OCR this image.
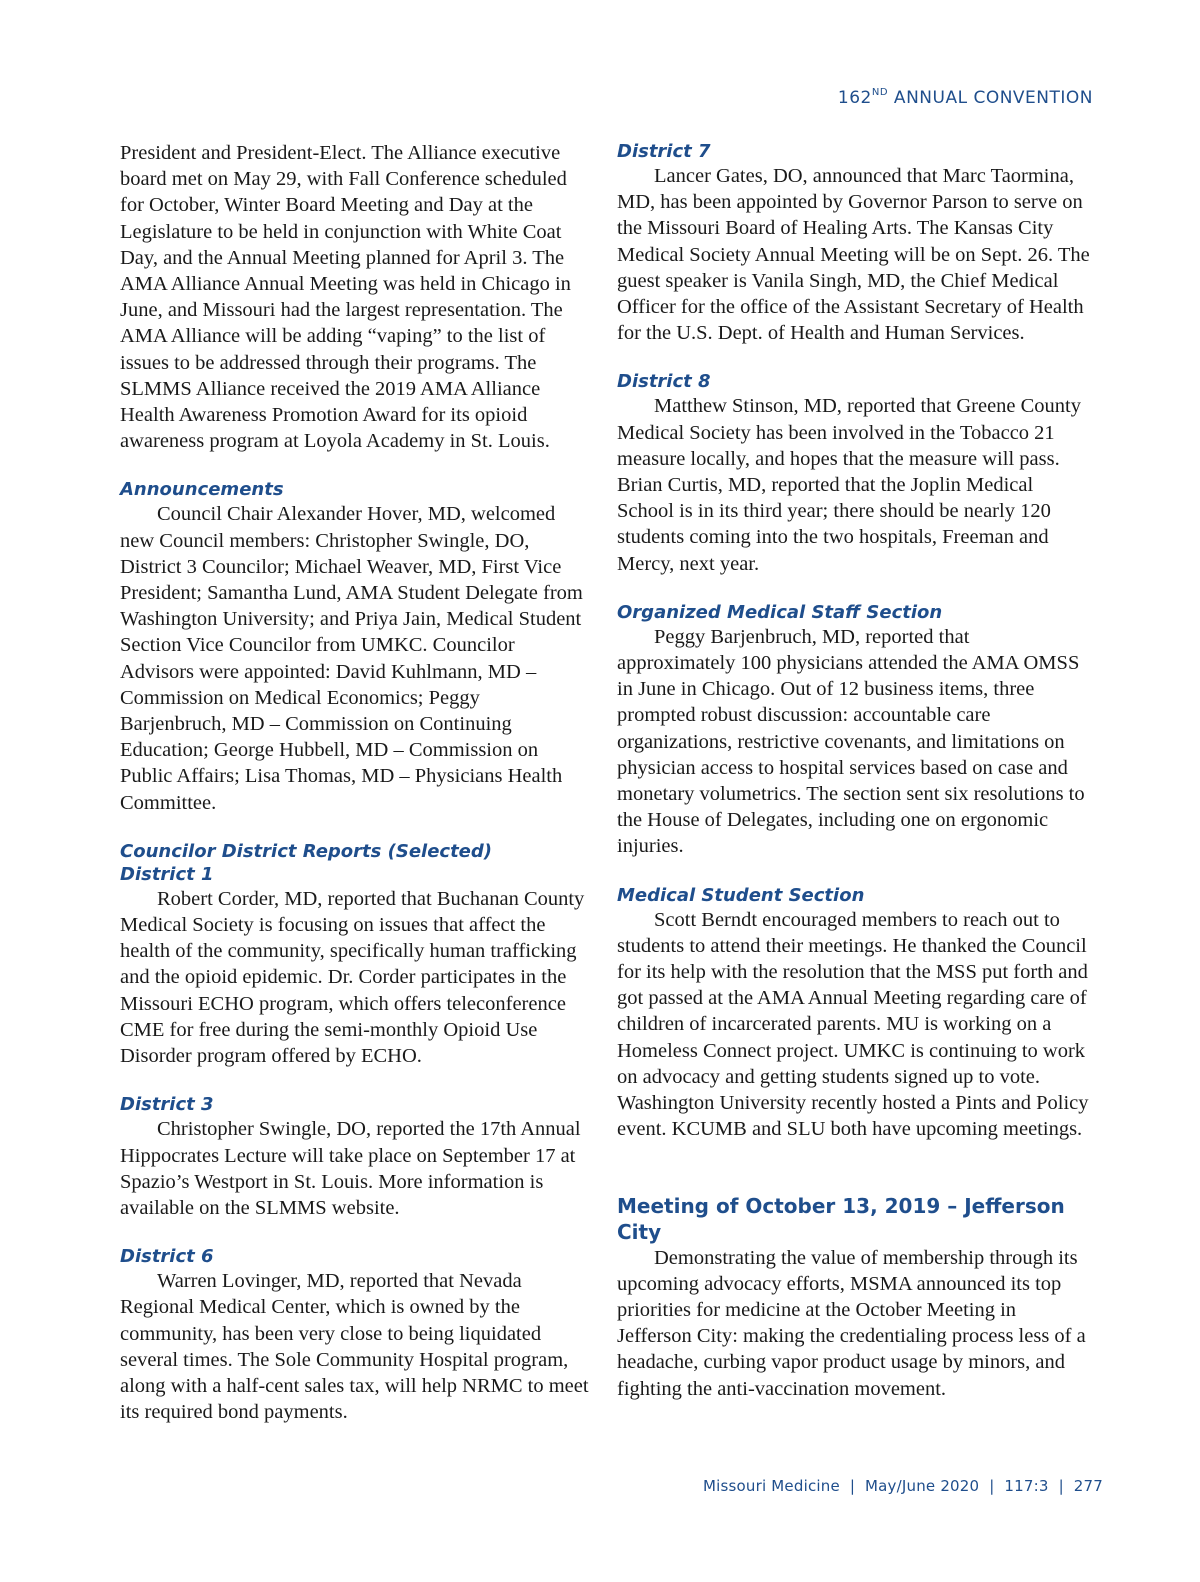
162ND ANNUAL CONVENTION

President and President-Elect. The Alliance executive board met on May 29, with Fall Conference scheduled for October, Winter Board Meeting and Day at the Legislature to be held in conjunction with White Coat Day, and the Annual Meeting planned for April 3. The AMA Alliance Annual Meeting was held in Chicago in June, and Missouri had the largest representation. The AMA Alliance will be adding “vaping” to the list of issues to be addressed through their programs. The SLMMS Alliance received the 2019 AMA Alliance Health Awareness Promotion Award for its opioid awareness program at Loyola Academy in St. Louis.

Announcements

Council Chair Alexander Hover, MD, welcomed new Council members: Christopher Swingle, DO, District 3 Councilor; Michael Weaver, MD, First Vice President; Samantha Lund, AMA Student Delegate from Washington University; and Priya Jain, Medical Student Section Vice Councilor from UMKC. Councilor Advisors were appointed: David Kuhlmann, MD – Commission on Medical Economics; Peggy Barjenbruch, MD – Commission on Continuing Education; George Hubbell, MD – Commission on Public Affairs; Lisa Thomas, MD – Physicians Health Committee.

Councilor District Reports (Selected)
District 1

Robert Corder, MD, reported that Buchanan County Medical Society is focusing on issues that affect the health of the community, specifically human trafficking and the opioid epidemic. Dr. Corder participates in the Missouri ECHO program, which offers teleconference CME for free during the semi-monthly Opioid Use Disorder program offered by ECHO.

District 3

Christopher Swingle, DO, reported the 17th Annual Hippocrates Lecture will take place on September 17 at Spazio’s Westport in St. Louis. More information is available on the SLMMS website.

District 6

Warren Lovinger, MD, reported that Nevada Regional Medical Center, which is owned by the community, has been very close to being liquidated several times. The Sole Community Hospital program, along with a half-cent sales tax, will help NRMC to meet its required bond payments.

District 7

Lancer Gates, DO, announced that Marc Taormina, MD, has been appointed by Governor Parson to serve on the Missouri Board of Healing Arts. The Kansas City Medical Society Annual Meeting will be on Sept. 26. The guest speaker is Vanila Singh, MD, the Chief Medical Officer for the office of the Assistant Secretary of Health for the U.S. Dept. of Health and Human Services.

District 8

Matthew Stinson, MD, reported that Greene County Medical Society has been involved in the Tobacco 21 measure locally, and hopes that the measure will pass. Brian Curtis, MD, reported that the Joplin Medical School is in its third year; there should be nearly 120 students coming into the two hospitals, Freeman and Mercy, next year.

Organized Medical Staff Section

Peggy Barjenbruch, MD, reported that approximately 100 physicians attended the AMA OMSS in June in Chicago. Out of 12 business items, three prompted robust discussion: accountable care organizations, restrictive covenants, and limitations on physician access to hospital services based on case and monetary volumetrics. The section sent six resolutions to the House of Delegates, including one on ergonomic injuries.

Medical Student Section

Scott Berndt encouraged members to reach out to students to attend their meetings. He thanked the Council for its help with the resolution that the MSS put forth and got passed at the AMA Annual Meeting regarding care of children of incarcerated parents. MU is working on a Homeless Connect project. UMKC is continuing to work on advocacy and getting students signed up to vote. Washington University recently hosted a Pints and Policy event. KCUMB and SLU both have upcoming meetings.

Meeting of October 13, 2019 – Jefferson City

Demonstrating the value of membership through its upcoming advocacy efforts, MSMA announced its top priorities for medicine at the October Meeting in Jefferson City: making the credentialing process less of a headache, curbing vapor product usage by minors, and fighting the anti-vaccination movement.

Missouri Medicine  |  May/June 2020  |  117:3  |  277
